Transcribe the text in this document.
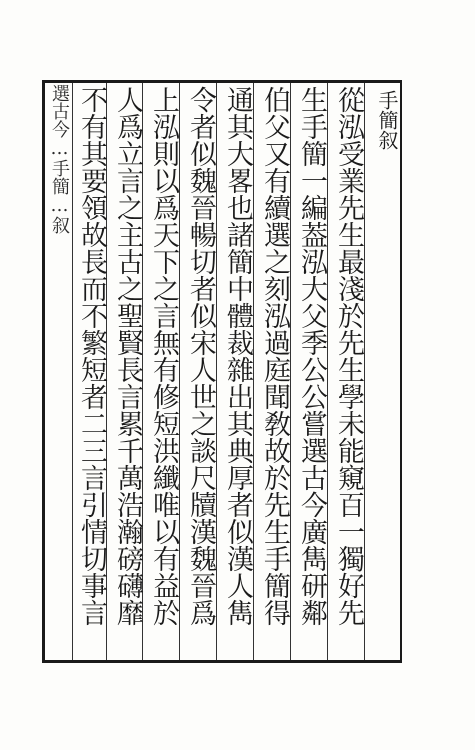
選古今…手簡…叙	手簡叙
從泓受業先生最淺於先生學未能窺百一獨好先
生手簡一編葢泓大父季公公嘗選古今廣雋研鄰
伯父又有續選之刻泓過庭聞敎故於先生手簡得
通其大畧也諸簡中體裁雜出其典厚者似漢人雋
令者似魏晉暢切者似宋人世之談尺牘漢魏晉爲
上泓則以爲天下之言無有修短洪纖唯以有益於
人爲立言之主古之聖賢長言累千萬浩瀚磅礴靡
不有其要領故長而不繁短者二三言引情切事言
